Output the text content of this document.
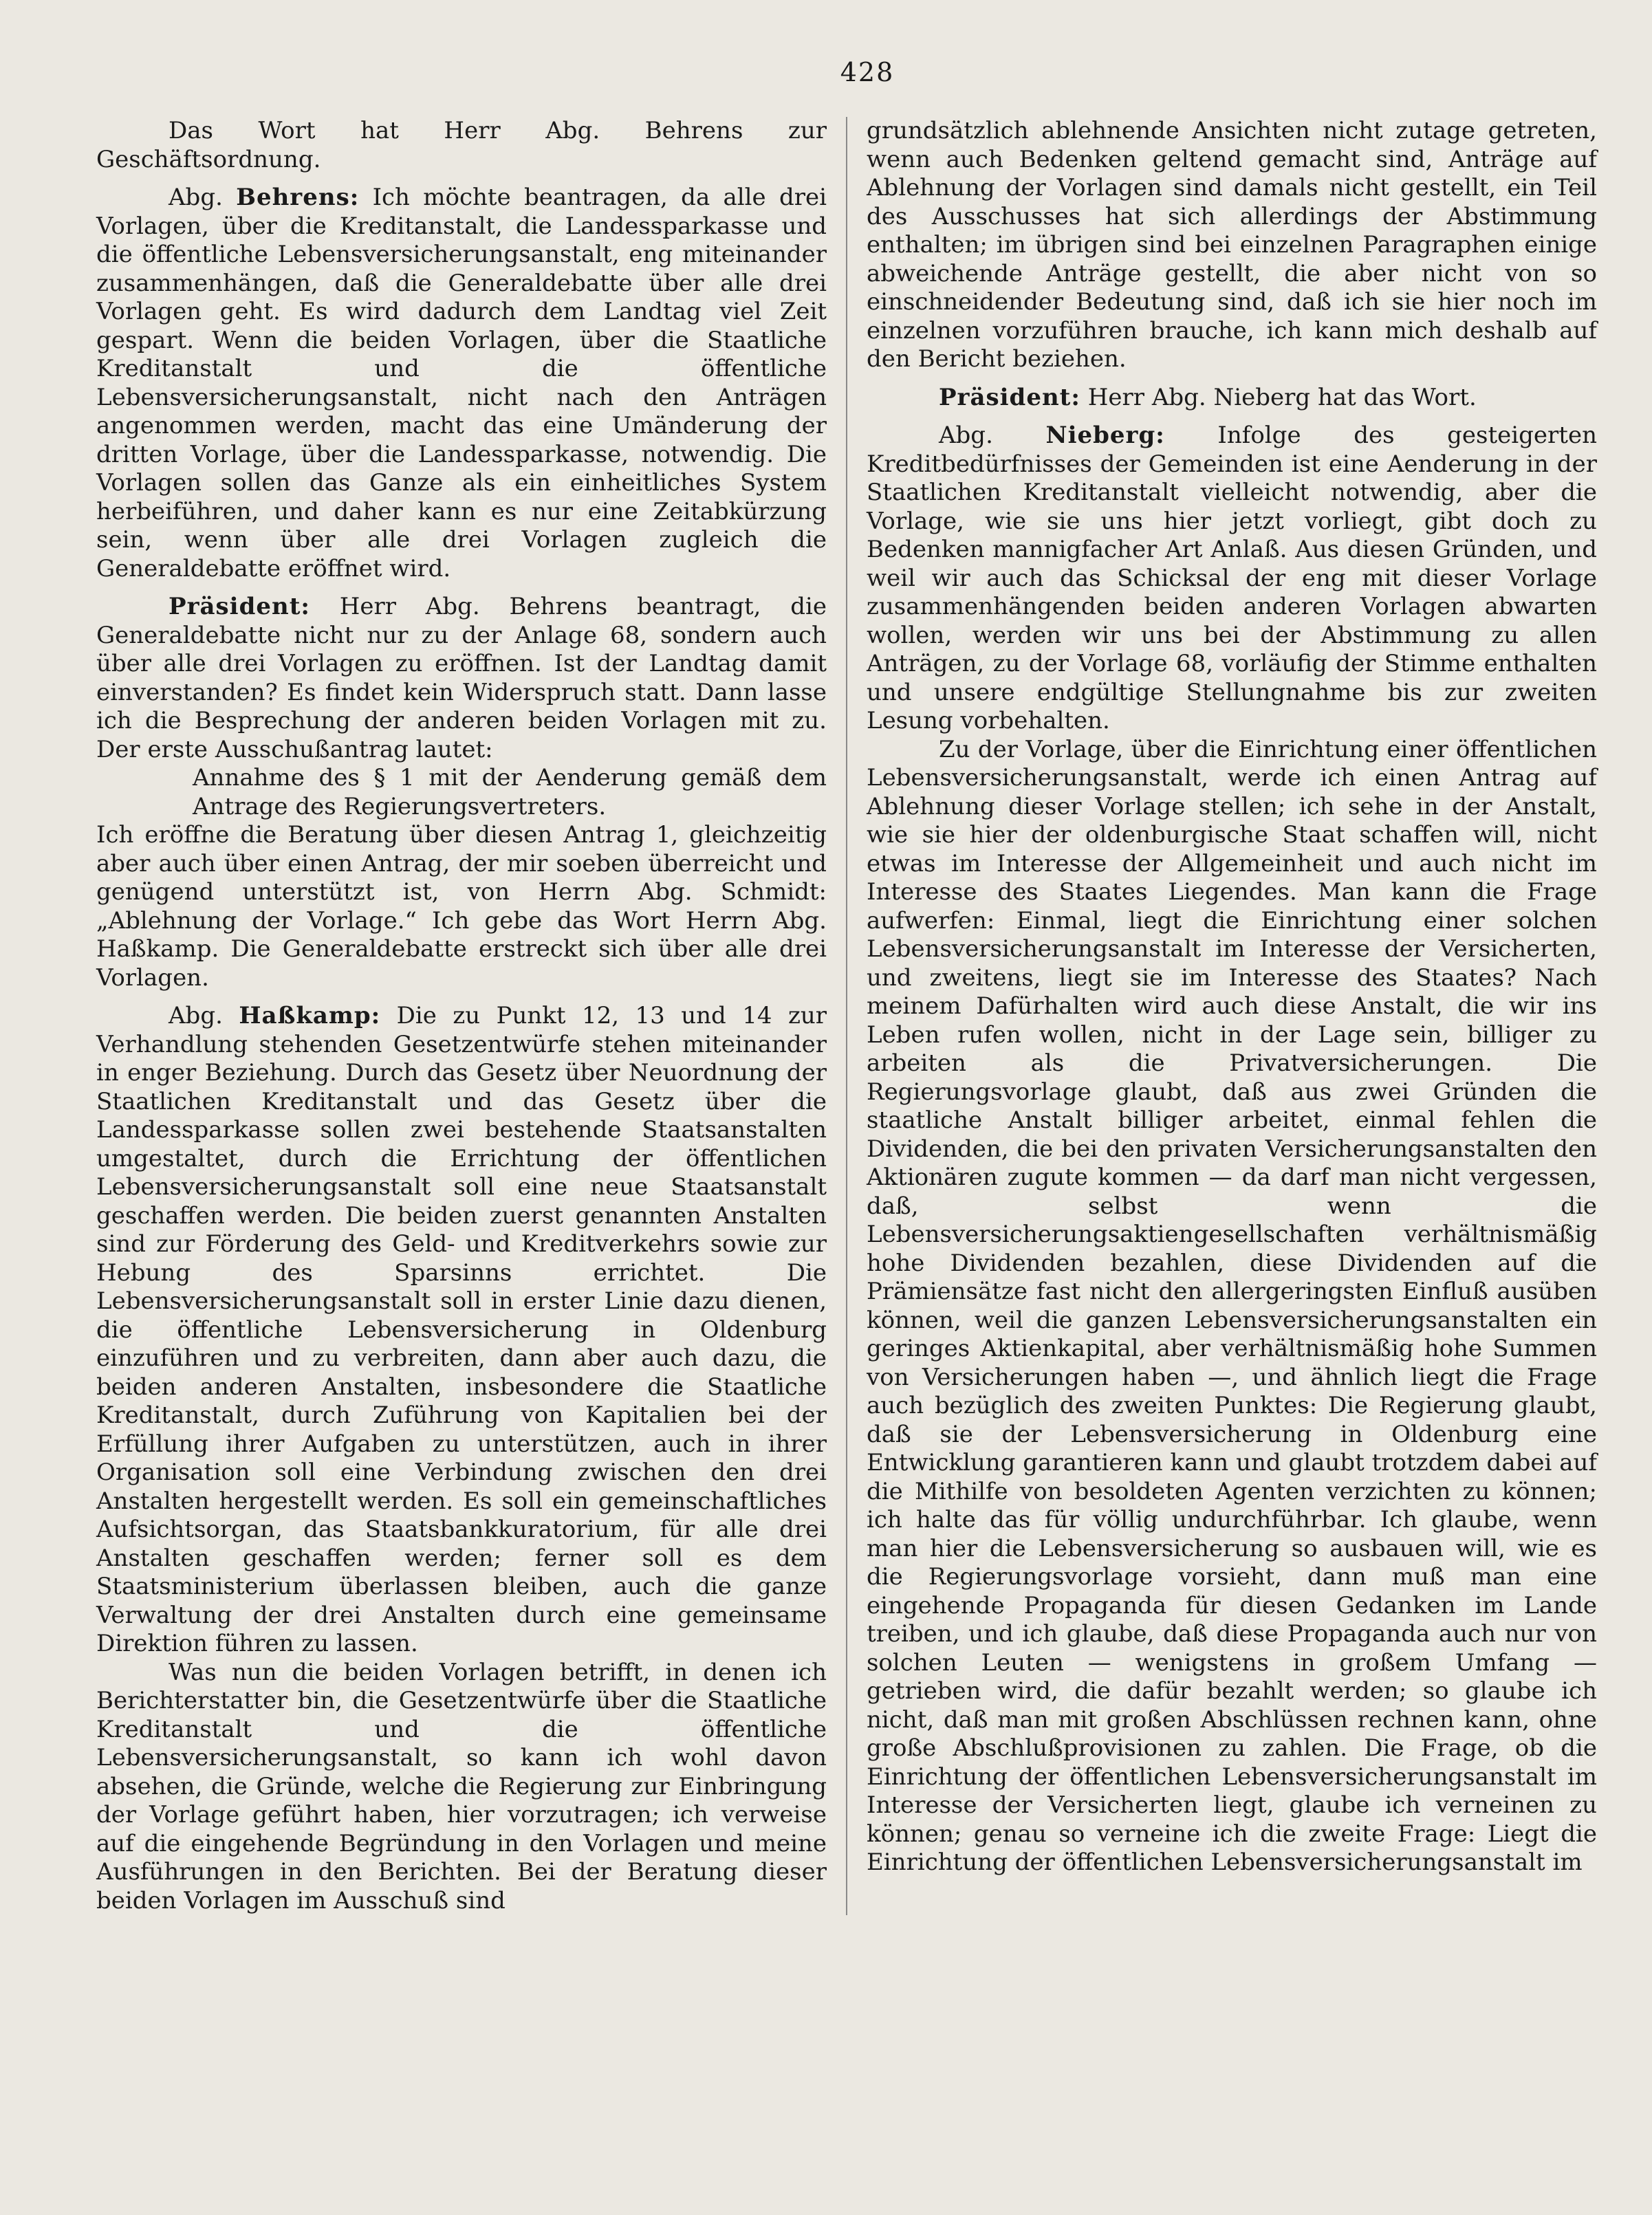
428

Das Wort hat Herr Abg. Behrens zur Geschäftsordnung.

Abg. Behrens: Ich möchte beantragen, da alle drei Vorlagen, über die Kreditanstalt, die Landessparkasse und die öffentliche Lebensversicherungsanstalt, eng miteinander zusammenhängen, daß die Generaldebatte über alle drei Vorlagen geht. Es wird dadurch dem Landtag viel Zeit gespart. Wenn die beiden Vorlagen, über die Staatliche Kreditanstalt und die öffentliche Lebensversicherungsanstalt, nicht nach den Anträgen angenommen werden, macht das eine Umänderung der dritten Vorlage, über die Landessparkasse, notwendig. Die Vorlagen sollen das Ganze als ein einheitliches System herbeiführen, und daher kann es nur eine Zeitabkürzung sein, wenn über alle drei Vorlagen zugleich die Generaldebatte eröffnet wird.

Präsident: Herr Abg. Behrens beantragt, die Generaldebatte nicht nur zu der Anlage 68, sondern auch über alle drei Vorlagen zu eröffnen. Ist der Landtag damit einverstanden? Es findet kein Widerspruch statt. Dann lasse ich die Besprechung der anderen beiden Vorlagen mit zu. Der erste Ausschußantrag lautet:

Annahme des § 1 mit der Aenderung gemäß dem Antrage des Regierungsvertreters.

Ich eröffne die Beratung über diesen Antrag 1, gleichzeitig aber auch über einen Antrag, der mir soeben überreicht und genügend unterstützt ist, von Herrn Abg. Schmidt: „Ablehnung der Vorlage.“ Ich gebe das Wort Herrn Abg. Haßkamp. Die Generaldebatte erstreckt sich über alle drei Vorlagen.

Abg. Haßkamp: Die zu Punkt 12, 13 und 14 zur Verhandlung stehenden Gesetzentwürfe stehen miteinander in enger Beziehung. Durch das Gesetz über Neuordnung der Staatlichen Kreditanstalt und das Gesetz über die Landessparkasse sollen zwei bestehende Staatsanstalten umgestaltet, durch die Errichtung der öffentlichen Lebensversicherungsanstalt soll eine neue Staatsanstalt geschaffen werden. Die beiden zuerst genannten Anstalten sind zur Förderung des Geld- und Kreditverkehrs sowie zur Hebung des Sparsinns errichtet. Die Lebensversicherungsanstalt soll in erster Linie dazu dienen, die öffentliche Lebensversicherung in Oldenburg einzuführen und zu verbreiten, dann aber auch dazu, die beiden anderen Anstalten, insbesondere die Staatliche Kreditanstalt, durch Zuführung von Kapitalien bei der Erfüllung ihrer Aufgaben zu unterstützen, auch in ihrer Organisation soll eine Verbindung zwischen den drei Anstalten hergestellt werden. Es soll ein gemeinschaftliches Aufsichtsorgan, das Staatsbankkuratorium, für alle drei Anstalten geschaffen werden; ferner soll es dem Staatsministerium überlassen bleiben, auch die ganze Verwaltung der drei Anstalten durch eine gemeinsame Direktion führen zu lassen.

Was nun die beiden Vorlagen betrifft, in denen ich Berichterstatter bin, die Gesetzentwürfe über die Staatliche Kreditanstalt und die öffentliche Lebensversicherungsanstalt, so kann ich wohl davon absehen, die Gründe, welche die Regierung zur Einbringung der Vorlage geführt haben, hier vorzutragen; ich verweise auf die eingehende Begründung in den Vorlagen und meine Ausführungen in den Berichten. Bei der Beratung dieser beiden Vorlagen im Ausschuß sind

grundsätzlich ablehnende Ansichten nicht zutage getreten, wenn auch Bedenken geltend gemacht sind, Anträge auf Ablehnung der Vorlagen sind damals nicht gestellt, ein Teil des Ausschusses hat sich allerdings der Abstimmung enthalten; im übrigen sind bei einzelnen Paragraphen einige abweichende Anträge gestellt, die aber nicht von so einschneidender Bedeutung sind, daß ich sie hier noch im einzelnen vorzuführen brauche, ich kann mich deshalb auf den Bericht beziehen.

Präsident: Herr Abg. Nieberg hat das Wort.

Abg. Nieberg: Infolge des gesteigerten Kreditbedürfnisses der Gemeinden ist eine Aenderung in der Staatlichen Kreditanstalt vielleicht notwendig, aber die Vorlage, wie sie uns hier jetzt vorliegt, gibt doch zu Bedenken mannigfacher Art Anlaß. Aus diesen Gründen, und weil wir auch das Schicksal der eng mit dieser Vorlage zusammenhängenden beiden anderen Vorlagen abwarten wollen, werden wir uns bei der Abstimmung zu allen Anträgen, zu der Vorlage 68, vorläufig der Stimme enthalten und unsere endgültige Stellungnahme bis zur zweiten Lesung vorbehalten.

Zu der Vorlage, über die Einrichtung einer öffentlichen Lebensversicherungsanstalt, werde ich einen Antrag auf Ablehnung dieser Vorlage stellen; ich sehe in der Anstalt, wie sie hier der oldenburgische Staat schaffen will, nicht etwas im Interesse der Allgemeinheit und auch nicht im Interesse des Staates Liegendes. Man kann die Frage aufwerfen: Einmal, liegt die Einrichtung einer solchen Lebensversicherungsanstalt im Interesse der Versicherten, und zweitens, liegt sie im Interesse des Staates? Nach meinem Dafürhalten wird auch diese Anstalt, die wir ins Leben rufen wollen, nicht in der Lage sein, billiger zu arbeiten als die Privatversicherungen. Die Regierungsvorlage glaubt, daß aus zwei Gründen die staatliche Anstalt billiger arbeitet, einmal fehlen die Dividenden, die bei den privaten Versicherungsanstalten den Aktionären zugute kommen — da darf man nicht vergessen, daß, selbst wenn die Lebensversicherungsaktiengesellschaften verhältnismäßig hohe Dividenden bezahlen, diese Dividenden auf die Prämiensätze fast nicht den allergeringsten Einfluß ausüben können, weil die ganzen Lebensversicherungsanstalten ein geringes Aktienkapital, aber verhältnismäßig hohe Summen von Versicherungen haben —, und ähnlich liegt die Frage auch bezüglich des zweiten Punktes: Die Regierung glaubt, daß sie der Lebensversicherung in Oldenburg eine Entwicklung garantieren kann und glaubt trotzdem dabei auf die Mithilfe von besoldeten Agenten verzichten zu können; ich halte das für völlig undurchführbar. Ich glaube, wenn man hier die Lebensversicherung so ausbauen will, wie es die Regierungsvorlage vorsieht, dann muß man eine eingehende Propaganda für diesen Gedanken im Lande treiben, und ich glaube, daß diese Propaganda auch nur von solchen Leuten — wenigstens in großem Umfang — getrieben wird, die dafür bezahlt werden; so glaube ich nicht, daß man mit großen Abschlüssen rechnen kann, ohne große Abschlußprovisionen zu zahlen. Die Frage, ob die Einrichtung der öffentlichen Lebensversicherungsanstalt im Interesse der Versicherten liegt, glaube ich verneinen zu können; genau so verneine ich die zweite Frage: Liegt die Einrichtung der öffentlichen Lebensversicherungsanstalt im
